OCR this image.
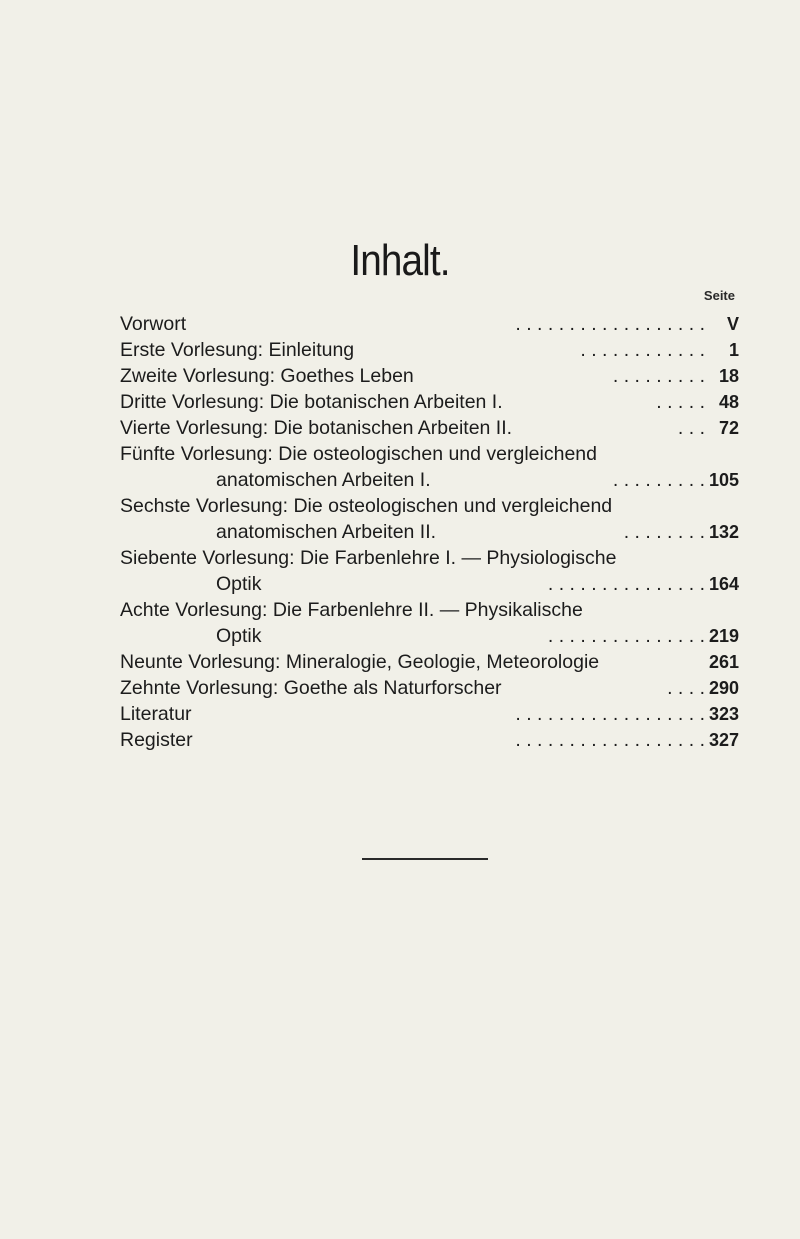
Inhalt.
Seite
Vorwort	. . . . . . . . . . . . . . . . . . V
Erste Vorlesung: Einleitung	. . . . . . . . . . . . 1
Zweite Vorlesung: Goethes Leben	. . . . . . . . . 18
Dritte Vorlesung: Die botanischen Arbeiten I.	. . . . . 48
Vierte Vorlesung: Die botanischen Arbeiten II.	. . . 72
Fünfte Vorlesung: Die osteologischen und vergleichend
anatomischen Arbeiten I.	. . . . . . . . . 105
Sechste Vorlesung: Die osteologischen und vergleichend
anatomischen Arbeiten II.	. . . . . . . . 132
Siebente Vorlesung: Die Farbenlehre I. — Physiologische
Optik	. . . . . . . . . . . . . . . 164
Achte Vorlesung: Die Farbenlehre II. — Physikalische
Optik	. . . . . . . . . . . . . . . 219
Neunte Vorlesung: Mineralogie, Geologie, Meteorologie	261
Zehnte Vorlesung: Goethe als Naturforscher	. . . . 290
Literatur	. . . . . . . . . . . . . . . . . . 323
Register	. . . . . . . . . . . . . . . . . . 327
